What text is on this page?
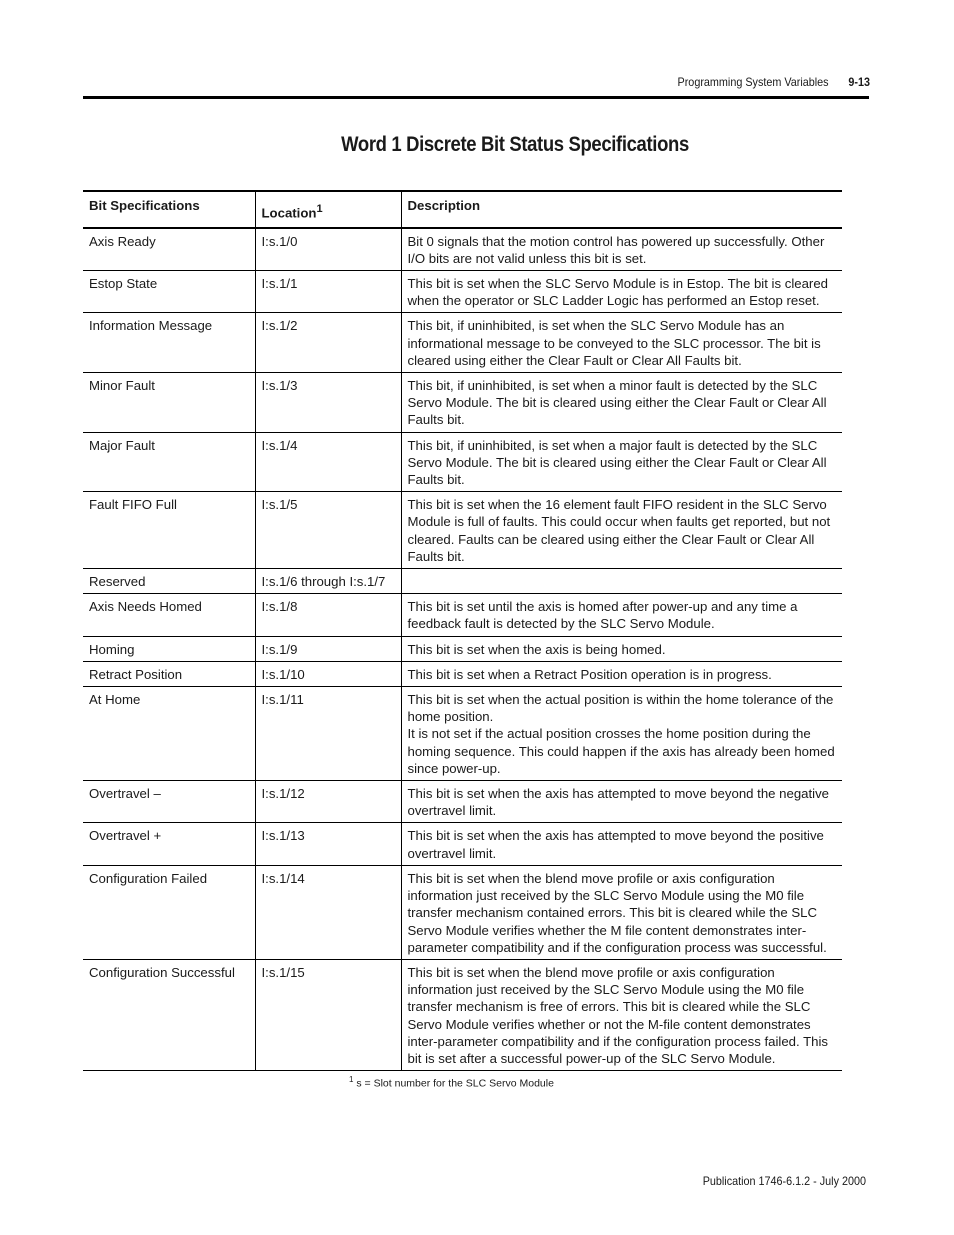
Programming System Variables 9-13
Word 1 Discrete Bit Status Specifications
Bit Specifications	Location$^1$	Description
Axis Ready	I:s.1/0	Bit 0 signals that the motion control has powered up successfully. Other I/O bits are not valid unless this bit is set.

Estop State	I:s.1/1	This bit is set when the SLC Servo Module is in Estop. The bit is cleared when the operator or SLC Ladder Logic has performed an Estop reset.

Information Message	I:s.1/2	This bit, if uninhibited, is set when the SLC Servo Module has an informational message to be conveyed to the SLC processor. The bit is cleared using either the Clear Fault or Clear All Faults bit.

Minor Fault	I:s.1/3	This bit, if uninhibited, is set when a minor fault is detected by the SLC Servo Module. The bit is cleared using either the Clear Fault or Clear All Faults bit.

Major Fault	I:s.1/4	This bit, if uninhibited, is set when a major fault is detected by the SLC Servo Module. The bit is cleared using either the Clear Fault or Clear All Faults bit.

Fault FIFO Full	I:s.1/5	This bit is set when the 16 element fault FIFO resident in the SLC Servo Module is full of faults. This could occur when faults get reported, but not cleared. Faults can be cleared using either the Clear Fault or Clear All Faults bit.

Reserved	I:s.1/6 through I:s.1/7	

Axis Needs Homed	I:s.1/8	This bit is set until the axis is homed after power-up and any time a feedback fault is detected by the SLC Servo Module.

Homing	I:s.1/9	This bit is set when the axis is being homed.

Retract Position	I:s.1/10	This bit is set when a Retract Position operation is in progress.

At Home	I:s.1/11	This bit is set when the actual position is within the home tolerance of the home position.
It is not set if the actual position crosses the home position during the homing sequence. This could happen if the axis has already been homed since power-up.

Overtravel –	I:s.1/12	This bit is set when the axis has attempted to move beyond the negative overtravel limit.

Overtravel +	I:s.1/13	This bit is set when the axis has attempted to move beyond the positive overtravel limit.

Configuration Failed	I:s.1/14	This bit is set when the blend move profile or axis configuration information just received by the SLC Servo Module using the M0 file transfer mechanism contained errors. This bit is cleared while the SLC Servo Module verifies whether the M file content demonstrates inter-parameter compatibility and if the configuration process was successful.

Configuration Successful	I:s.1/15	This bit is set when the blend move profile or axis configuration information just received by the SLC Servo Module using the M0 file transfer mechanism is free of errors. This bit is cleared while the SLC Servo Module verifies whether or not the M-file content demonstrates inter-parameter compatibility and if the configuration process failed. This bit is set after a successful power-up of the SLC Servo Module.
$^1$ s = Slot number for the SLC Servo Module
Publication 1746-6.1.2 - July 2000
